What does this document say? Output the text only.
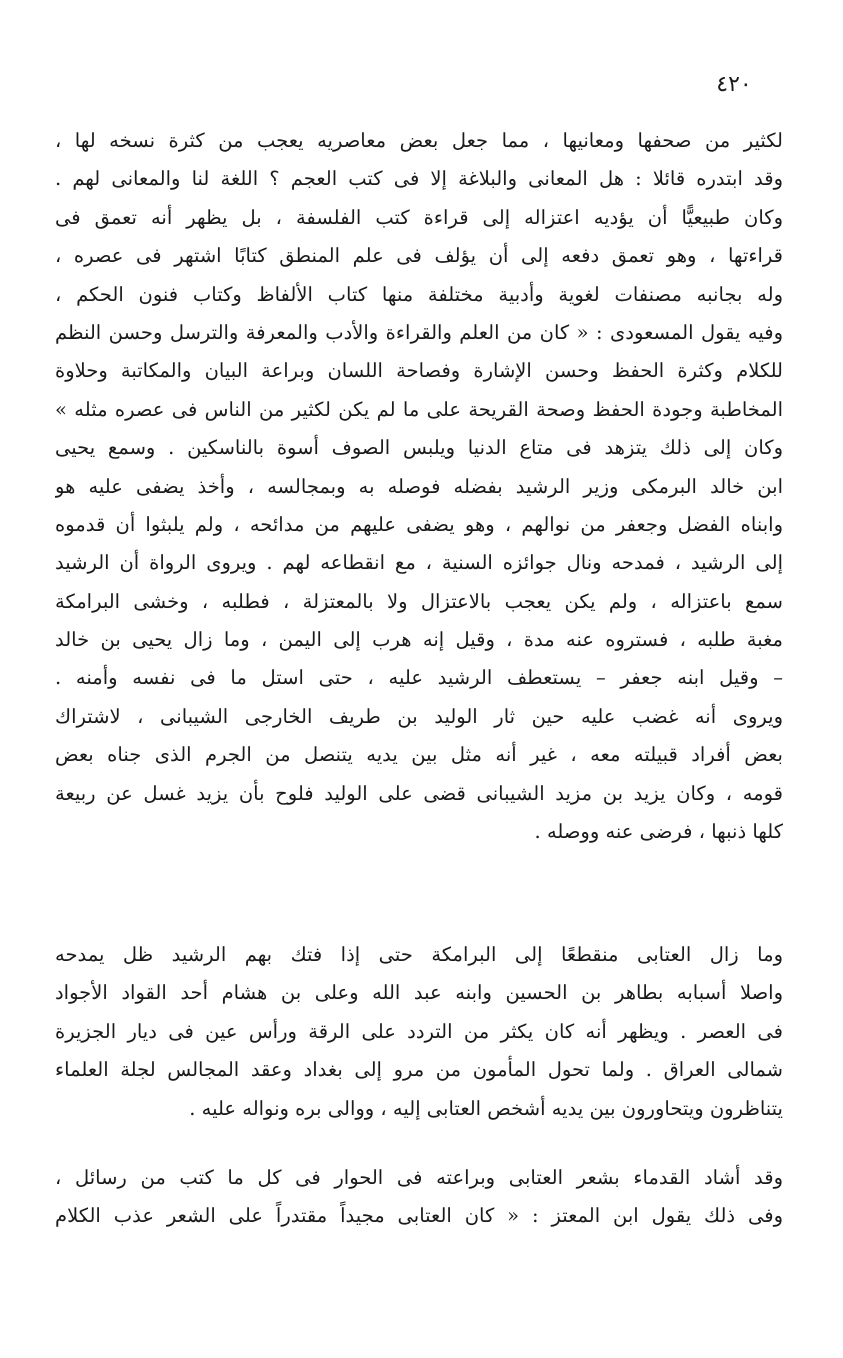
٤٢٠
لكثير من صحفها ومعانيها ، مما جعل بعض معاصريه يعجب من كثرة نسخه لها ،
وقد ابتدره قائلا : هل المعانى والبلاغة إلا فى كتب العجم ؟ اللغة لنا والمعانى لهم .
وكان طبيعيًّا أن يؤديه اعتزاله إلى قراءة كتب الفلسفة ، بل يظهر أنه تعمق فى
قراءتها ، وهو تعمق دفعه إلى أن يؤلف فى علم المنطق كتابًا اشتهر فى عصره ،
وله بجانبه مصنفات لغوية وأدبية مختلفة منها كتاب الألفاظ وكتاب فنون الحكم ،
وفيه يقول المسعودى : « كان من العلم والقراءة والأدب والمعرفة والترسل وحسن النظم
للكلام وكثرة الحفظ وحسن الإشارة وفصاحة اللسان وبراعة البيان والمكاتبة وحلاوة
المخاطبة وجودة الحفظ وصحة القريحة على ما لم يكن لكثير من الناس فى عصره مثله »
وكان إلى ذلك يتزهد فى متاع الدنيا ويلبس الصوف أسوة بالناسكين . وسمع يحيى
ابن خالد البرمكى وزير الرشيد بفضله فوصله به وبمجالسه ، وأخذ يضفى عليه هو
وابناه الفضل وجعفر من نوالهم ، وهو يضفى عليهم من مدائحه ، ولم يلبثوا أن قدموه
إلى الرشيد ، فمدحه ونال جوائزه السنية ، مع انقطاعه لهم . ويروى الرواة أن الرشيد
سمع باعتزاله ، ولم يكن يعجب بالاعتزال ولا بالمعتزلة ، فطلبه ، وخشى البرامكة
مغبة طلبه ، فستروه عنه مدة ، وقيل إنه هرب إلى اليمن ، وما زال يحيى بن خالد
– وقيل ابنه جعفر – يستعطف الرشيد عليه ، حتى استل ما فى نفسه وأمنه .
ويروى أنه غضب عليه حين ثار الوليد بن طريف الخارجى الشيبانى ، لاشتراك
بعض أفراد قبيلته معه ، غير أنه مثل بين يديه يتنصل من الجرم الذى جناه بعض
قومه ، وكان يزيد بن مزيد الشيبانى قضى على الوليد فلوح بأن يزيد غسل عن ربيعة
كلها ذنبها ، فرضى عنه ووصله .
وما زال العتابى منقطعًا إلى البرامكة حتى إذا فتك بهم الرشيد ظل يمدحه
واصلا أسبابه بطاهر بن الحسين وابنه عبد الله وعلى بن هشام أحد القواد الأجواد
فى العصر . ويظهر أنه كان يكثر من التردد على الرقة ورأس عين فى ديار الجزيرة
شمالى العراق . ولما تحول المأمون من مرو إلى بغداد وعقد المجالس لجلة العلماء
يتناظرون ويتحاورون بين يديه أشخص العتابى إليه ، ووالى بره ونواله عليه .
وقد أشاد القدماء بشعر العتابى وبراعته فى الحوار فى كل ما كتب من رسائل ،
وفى ذلك يقول ابن المعتز : « كان العتابى مجيداً مقتدراً على الشعر عذب الكلام
